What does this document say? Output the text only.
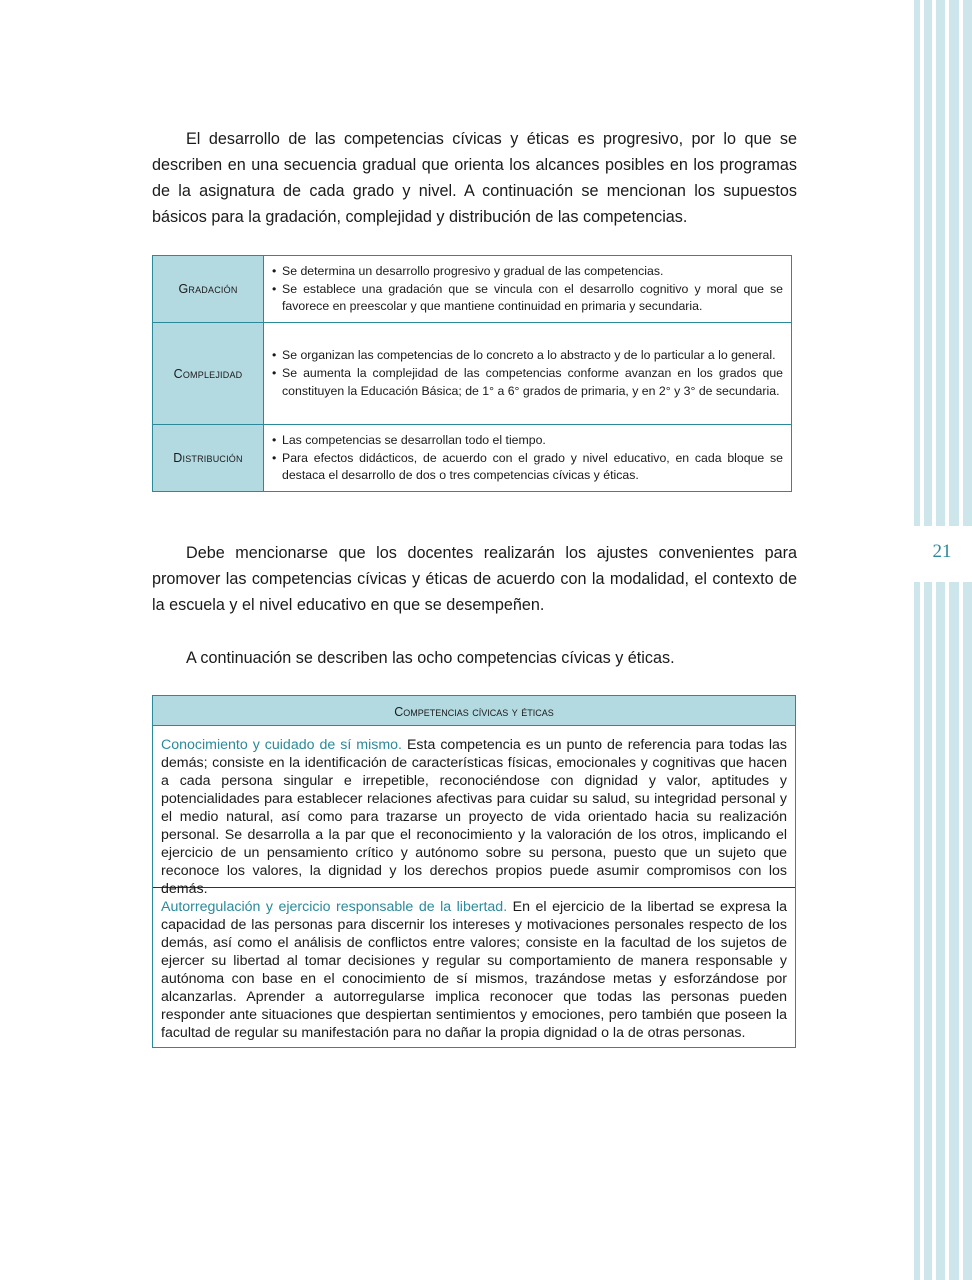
21

El desarrollo de las competencias cívicas y éticas es progresivo, por lo que se describen en una secuencia gradual que orienta los alcances posibles en los programas de la asignatura de cada grado y nivel. A continuación se mencionan los supuestos básicos para la gradación, complejidad y distribución de las competencias.

Gradación	• Se determina un desarrollo progresivo y gradual de las competencias.
• Se establece una gradación que se vincula con el desarrollo cognitivo y moral que se favorece en preescolar y que mantiene continuidad en primaria y secundaria.

Complejidad	• Se organizan las competencias de lo concreto a lo abstracto y de lo particular a lo general.
• Se aumenta la complejidad de las competencias conforme avanzan en los grados que constituyen la Educación Básica; de 1° a 6° grados de primaria, y en 2° y 3° de secundaria.

Distribución	• Las competencias se desarrollan todo el tiempo.
• Para efectos didácticos, de acuerdo con el grado y nivel educativo, en cada bloque se destaca el desarrollo de dos o tres competencias cívicas y éticas.

Debe mencionarse que los docentes realizarán los ajustes convenientes para promover las competencias cívicas y éticas de acuerdo con la modalidad, el contexto de la escuela y el nivel educativo en que se desempeñen.

A continuación se describen las ocho competencias cívicas y éticas.

Competencias cívicas y éticas
Conocimiento y cuidado de sí mismo. Esta competencia es un punto de referencia para todas las demás; consiste en la identificación de características físicas, emocionales y cognitivas que hacen a cada persona singular e irrepetible, reconociéndose con dignidad y valor, aptitudes y potencialidades para establecer relaciones afectivas para cuidar su salud, su integridad personal y el medio natural, así como para trazarse un proyecto de vida orientado hacia su realización personal. Se desarrolla a la par que el reconocimiento y la valoración de los otros, implicando el ejercicio de un pensamiento crítico y autónomo sobre su persona, puesto que un sujeto que reconoce los valores, la dignidad y los derechos propios puede asumir compromisos con los demás.
Autorregulación y ejercicio responsable de la libertad. En el ejercicio de la libertad se expresa la capacidad de las personas para discernir los intereses y motivaciones personales respecto de los demás, así como el análisis de conflictos entre valores; consiste en la facultad de los sujetos de ejercer su libertad al tomar decisiones y regular su comportamiento de manera responsable y autónoma con base en el conocimiento de sí mismos, trazándose metas y esforzándose por alcanzarlas. Aprender a autorregularse implica reconocer que todas las personas pueden responder ante situaciones que despiertan sentimientos y emociones, pero también que poseen la facultad de regular su manifestación para no dañar la propia dignidad o la de otras personas.
